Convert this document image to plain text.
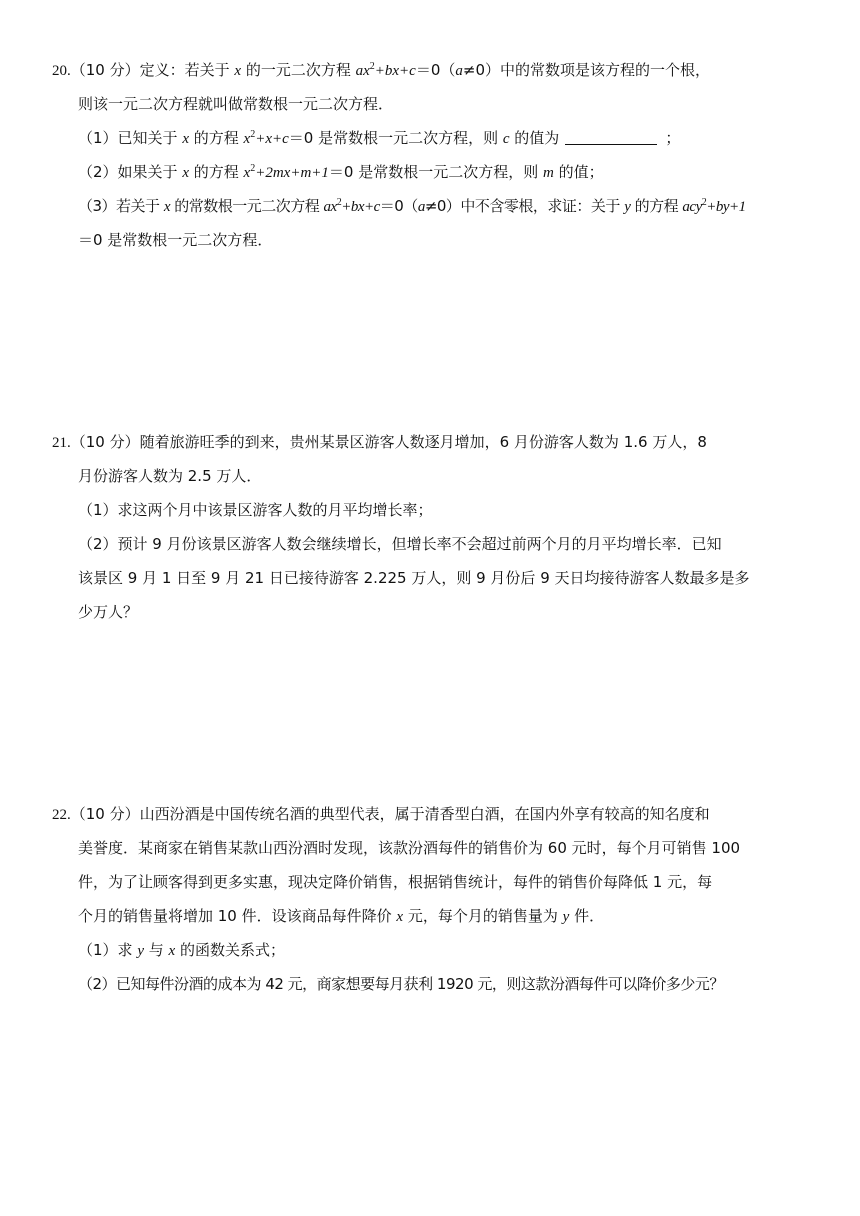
20.（10 分）定义：若关于 x 的一元二次方程 $ax^2+bx+c=0(a\ne 0)$中的常数项是该方程的一个根，
则该一元二次方程就叫做常数根一元二次方程．
（1）已知关于 x 的方程 $x^2+x+c=0$ 是常数根一元二次方程，则 c 的值为	；
（2）如果关于 x 的方程 $x^2+2mx+m+1=0$ 是常数根一元二次方程，则 m 的值；
（3）若关于 x 的常数根一元二次方程 $ax^2+bx+c=0(a\ne 0)$中不含零根，求证：关于 y 的方程 acy$^2$+by+1
＝0 是常数根一元二次方程．
21.（10 分）随着旅游旺季的到来，贵州某景区游客人数逐月增加，6 月份游客人数为 1.6 万人，8
月份游客人数为 2.5 万人．
（1）求这两个月中该景区游客人数的月平均增长率；
（2）预计 9 月份该景区游客人数会继续增长，但增长率不会超过前两个月的月平均增长率．已知
该景区 9 月 1 日至 9 月 21 日已接待游客 2.225 万人，则 9 月份后 9 天日均接待游客人数最多是多
少万人？
22.（10 分）山西汾酒是中国传统名酒的典型代表，属于清香型白酒，在国内外享有较高的知名度和
美誉度．某商家在销售某款山西汾酒时发现，该款汾酒每件的销售价为 60 元时，每个月可销售 100
件，为了让顾客得到更多实惠，现决定降价销售，根据销售统计，每件的销售价每降低 1 元，每
个月的销售量将增加 10 件．设该商品每件降价 x 元，每个月的销售量为 y 件．
（1）求 y 与 x 的函数关系式；
（2）已知每件汾酒的成本为 42 元，商家想要每月获利 1920 元，则这款汾酒每件可以降价多少元？
